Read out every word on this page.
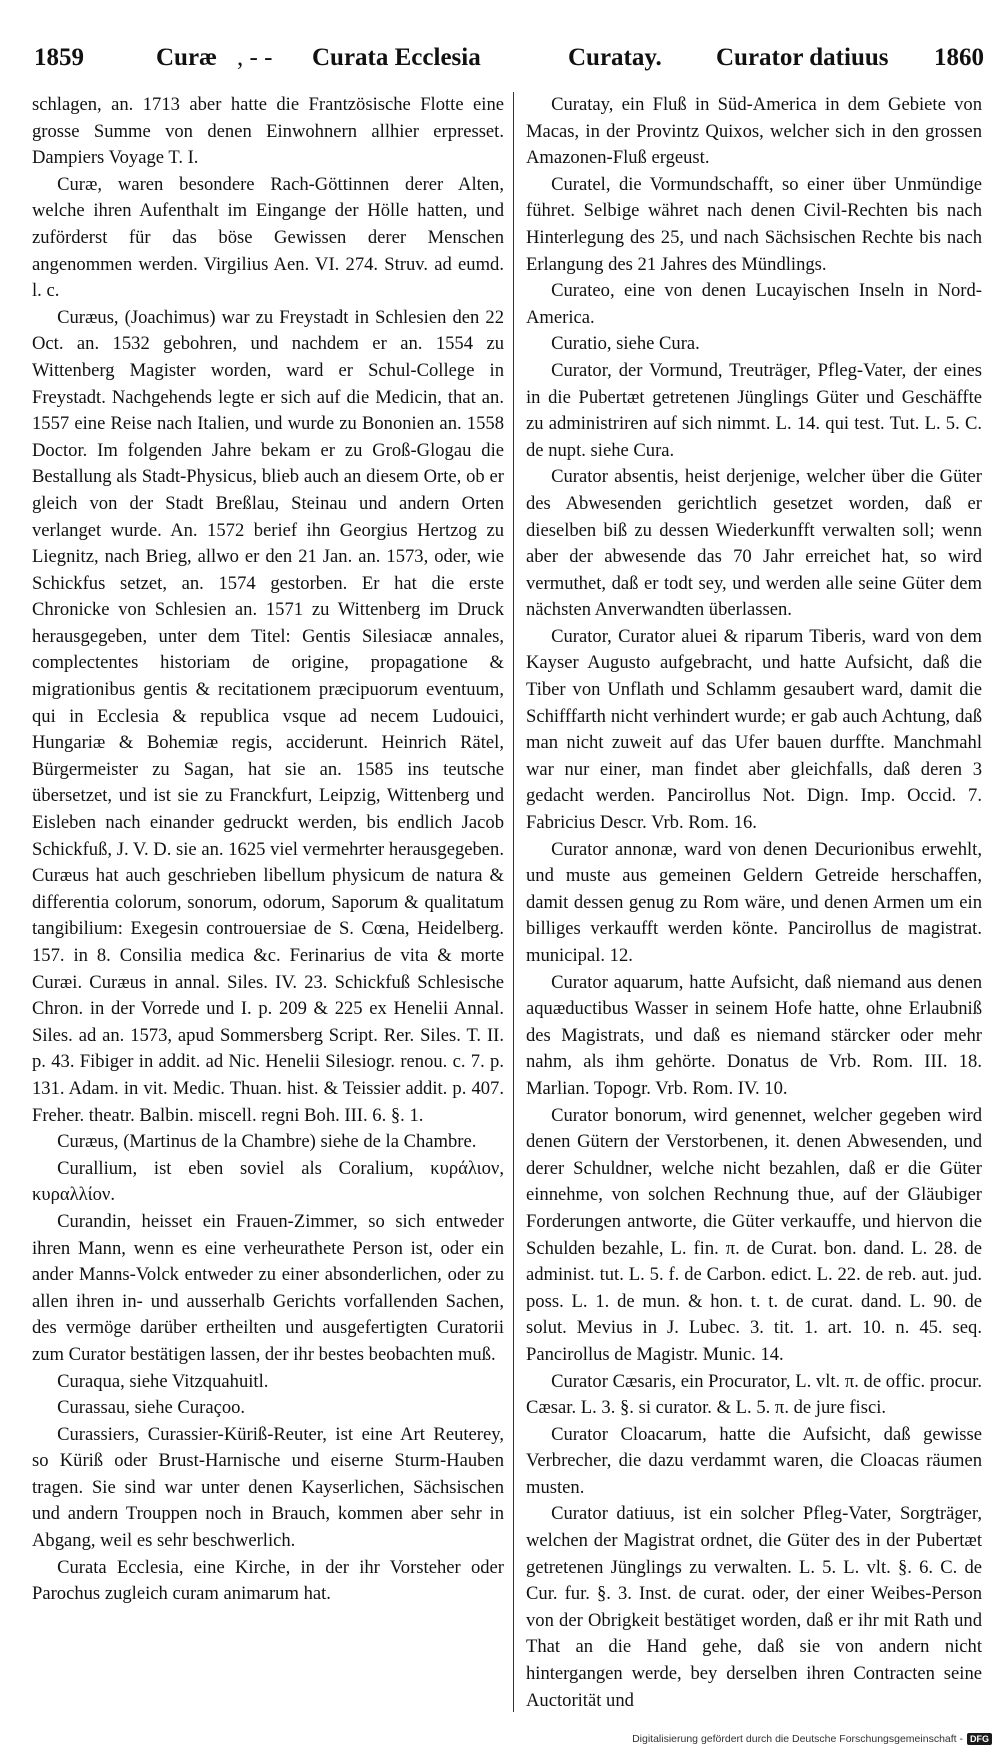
1859	Curæ , - - Curata Ecclesia	Curatay. Curator datiuus 1860

schlagen, an. 1713 aber hatte die Frantzösische Flotte eine grosse Summe von denen Einwohnern allhier erpresset. Dampiers Voyage T. I.

Curæ, waren besondere Rach-Göttinnen derer Alten, welche ihren Aufenthalt im Eingange der Hölle hatten, und zuförderst für das böse Gewissen derer Menschen angenommen werden. Virgilius Aen. VI. 274. Struv. ad eumd. l. c.

Curæus, (Joachimus) war zu Freystadt in Schlesien den 22 Oct. an. 1532 gebohren, und nachdem er an. 1554 zu Wittenberg Magister worden, ward er Schul-College in Freystadt. Nachgehends legte er sich auf die Medicin, that an. 1557 eine Reise nach Italien, und wurde zu Bononien an. 1558 Doctor. Im folgenden Jahre bekam er zu Groß-Glogau die Bestallung als Stadt-Physicus, blieb auch an diesem Orte, ob er gleich von der Stadt Breßlau, Steinau und andern Orten verlanget wurde. An. 1572 berief ihn Georgius Hertzog zu Liegnitz, nach Brieg, allwo er den 21 Jan. an. 1573, oder, wie Schickfus setzet, an. 1574 gestorben. Er hat die erste Chronicke von Schlesien an. 1571 zu Wittenberg im Druck herausgegeben, unter dem Titel: Gentis Silesiacæ annales, complectentes historiam de origine, propagatione & migrationibus gentis & recitationem præcipuorum eventuum, qui in Ecclesia & republica vsque ad necem Ludouici, Hungariæ & Bohemiæ regis, acciderunt. Heinrich Rätel, Bürgermeister zu Sagan, hat sie an. 1585 ins teutsche übersetzet, und ist sie zu Franckfurt, Leipzig, Wittenberg und Eisleben nach einander gedruckt werden, bis endlich Jacob Schickfuß, J. V. D. sie an. 1625 viel vermehrter herausgegeben. Curæus hat auch geschrieben libellum physicum de natura & differentia colorum, sonorum, odorum, Saporum & qualitatum tangibilium: Exegesin controuersiae de S. Cœna, Heidelberg. 157. in 8. Consilia medica &c. Ferinarius de vita & morte Curæi. Curæus in annal. Siles. IV. 23. Schickfuß Schlesische Chron. in der Vorrede und I. p. 209 & 225 ex Henelii Annal. Siles. ad an. 1573, apud Sommersberg Script. Rer. Siles. T. II. p. 43. Fibiger in addit. ad Nic. Henelii Silesiogr. renou. c. 7. p. 131. Adam. in vit. Medic. Thuan. hist. & Teissier addit. p. 407. Freher. theatr. Balbin. miscell. regni Boh. III. 6. §. 1.

Curæus, (Martinus de la Chambre) siehe de la Chambre.

Curallium, ist eben soviel als Coralium, κυράλιον, κυραλλίον.

Curandin, heisset ein Frauen-Zimmer, so sich entweder ihren Mann, wenn es eine verheurathete Person ist, oder ein ander Manns-Volck entweder zu einer absonderlichen, oder zu allen ihren in- und ausserhalb Gerichts vorfallenden Sachen, des vermöge darüber ertheilten und ausgefertigten Curatorii zum Curator bestätigen lassen, der ihr bestes beobachten muß.

Curaqua, siehe Vitzquahuitl.

Curassau, siehe Curaçoo.

Curassiers, Curassier-Küriß-Reuter, ist eine Art Reuterey, so Küriß oder Brust-Harnische und eiserne Sturm-Hauben tragen. Sie sind war unter denen Kayserlichen, Sächsischen und andern Trouppen noch in Brauch, kommen aber sehr in Abgang, weil es sehr beschwerlich.

Curata Ecclesia, eine Kirche, in der ihr Vorsteher oder Parochus zugleich curam animarum hat.

Curatay, ein Fluß in Süd-America in dem Gebiete von Macas, in der Provintz Quixos, welcher sich in den grossen Amazonen-Fluß ergeust.

Curatel, die Vormundschafft, so einer über Unmündige führet. Selbige währet nach denen Civil-Rechten bis nach Hinterlegung des 25, und nach Sächsischen Rechte bis nach Erlangung des 21 Jahres des Mündlings.

Curateo, eine von denen Lucayischen Inseln in Nord-America.

Curatio, siehe Cura.

Curator, der Vormund, Treuträger, Pfleg-Vater, der eines in die Pubertæt getretenen Jünglings Güter und Geschäffte zu administriren auf sich nimmt. L. 14. qui test. Tut. L. 5. C. de nupt. siehe Cura.

Curator absentis, heist derjenige, welcher über die Güter des Abwesenden gerichtlich gesetzet worden, daß er dieselben biß zu dessen Wiederkunfft verwalten soll; wenn aber der abwesende das 70 Jahr erreichet hat, so wird vermuthet, daß er todt sey, und werden alle seine Güter dem nächsten Anverwandten überlassen.

Curator, Curator aluei & riparum Tiberis, ward von dem Kayser Augusto aufgebracht, und hatte Aufsicht, daß die Tiber von Unflath und Schlamm gesaubert ward, damit die Schifffarth nicht verhindert wurde; er gab auch Achtung, daß man nicht zuweit auf das Ufer bauen durffte. Manchmahl war nur einer, man findet aber gleichfalls, daß deren 3 gedacht werden. Pancirollus Not. Dign. Imp. Occid. 7. Fabricius Descr. Vrb. Rom. 16.

Curator annonæ, ward von denen Decurionibus erwehlt, und muste aus gemeinen Geldern Getreide herschaffen, damit dessen genug zu Rom wäre, und denen Armen um ein billiges verkaufft werden könte. Pancirollus de magistrat. municipal. 12.

Curator aquarum, hatte Aufsicht, daß niemand aus denen aquæductibus Wasser in seinem Hofe hatte, ohne Erlaubniß des Magistrats, und daß es niemand stärcker oder mehr nahm, als ihm gehörte. Donatus de Vrb. Rom. III. 18. Marlian. Topogr. Vrb. Rom. IV. 10.

Curator bonorum, wird genennet, welcher gegeben wird denen Gütern der Verstorbenen, it. denen Abwesenden, und derer Schuldner, welche nicht bezahlen, daß er die Güter einnehme, von solchen Rechnung thue, auf der Gläubiger Forderungen antworte, die Güter verkauffe, und hiervon die Schulden bezahle, L. fin. π. de Curat. bon. dand. L. 28. de administ. tut. L. 5. f. de Carbon. edict. L. 22. de reb. aut. jud. poss. L. 1. de mun. & hon. t. t. de curat. dand. L. 90. de solut. Mevius in J. Lubec. 3. tit. 1. art. 10. n. 45. seq. Pancirollus de Magistr. Munic. 14.

Curator Cæsaris, ein Procurator, L. vlt. π. de offic. procur. Cæsar. L. 3. §. si curator. & L. 5. π. de jure fisci.

Curator Cloacarum, hatte die Aufsicht, daß gewisse Verbrecher, die dazu verdammt waren, die Cloacas räumen musten.

Curator datiuus, ist ein solcher Pfleg-Vater, Sorgträger, welchen der Magistrat ordnet, die Güter des in der Pubertæt getretenen Jünglings zu verwalten. L. 5. L. vlt. §. 6. C. de Cur. fur. §. 3. Inst. de curat. oder, der einer Weibes-Person von der Obrigkeit bestätiget worden, daß er ihr mit Rath und That an die Hand gehe, daß sie von andern nicht hintergangen werde, bey derselben ihren Contracten seine Auctorität und

Digitalisierung gefördert durch die Deutsche Forschungsgemeinschaft - DFG
